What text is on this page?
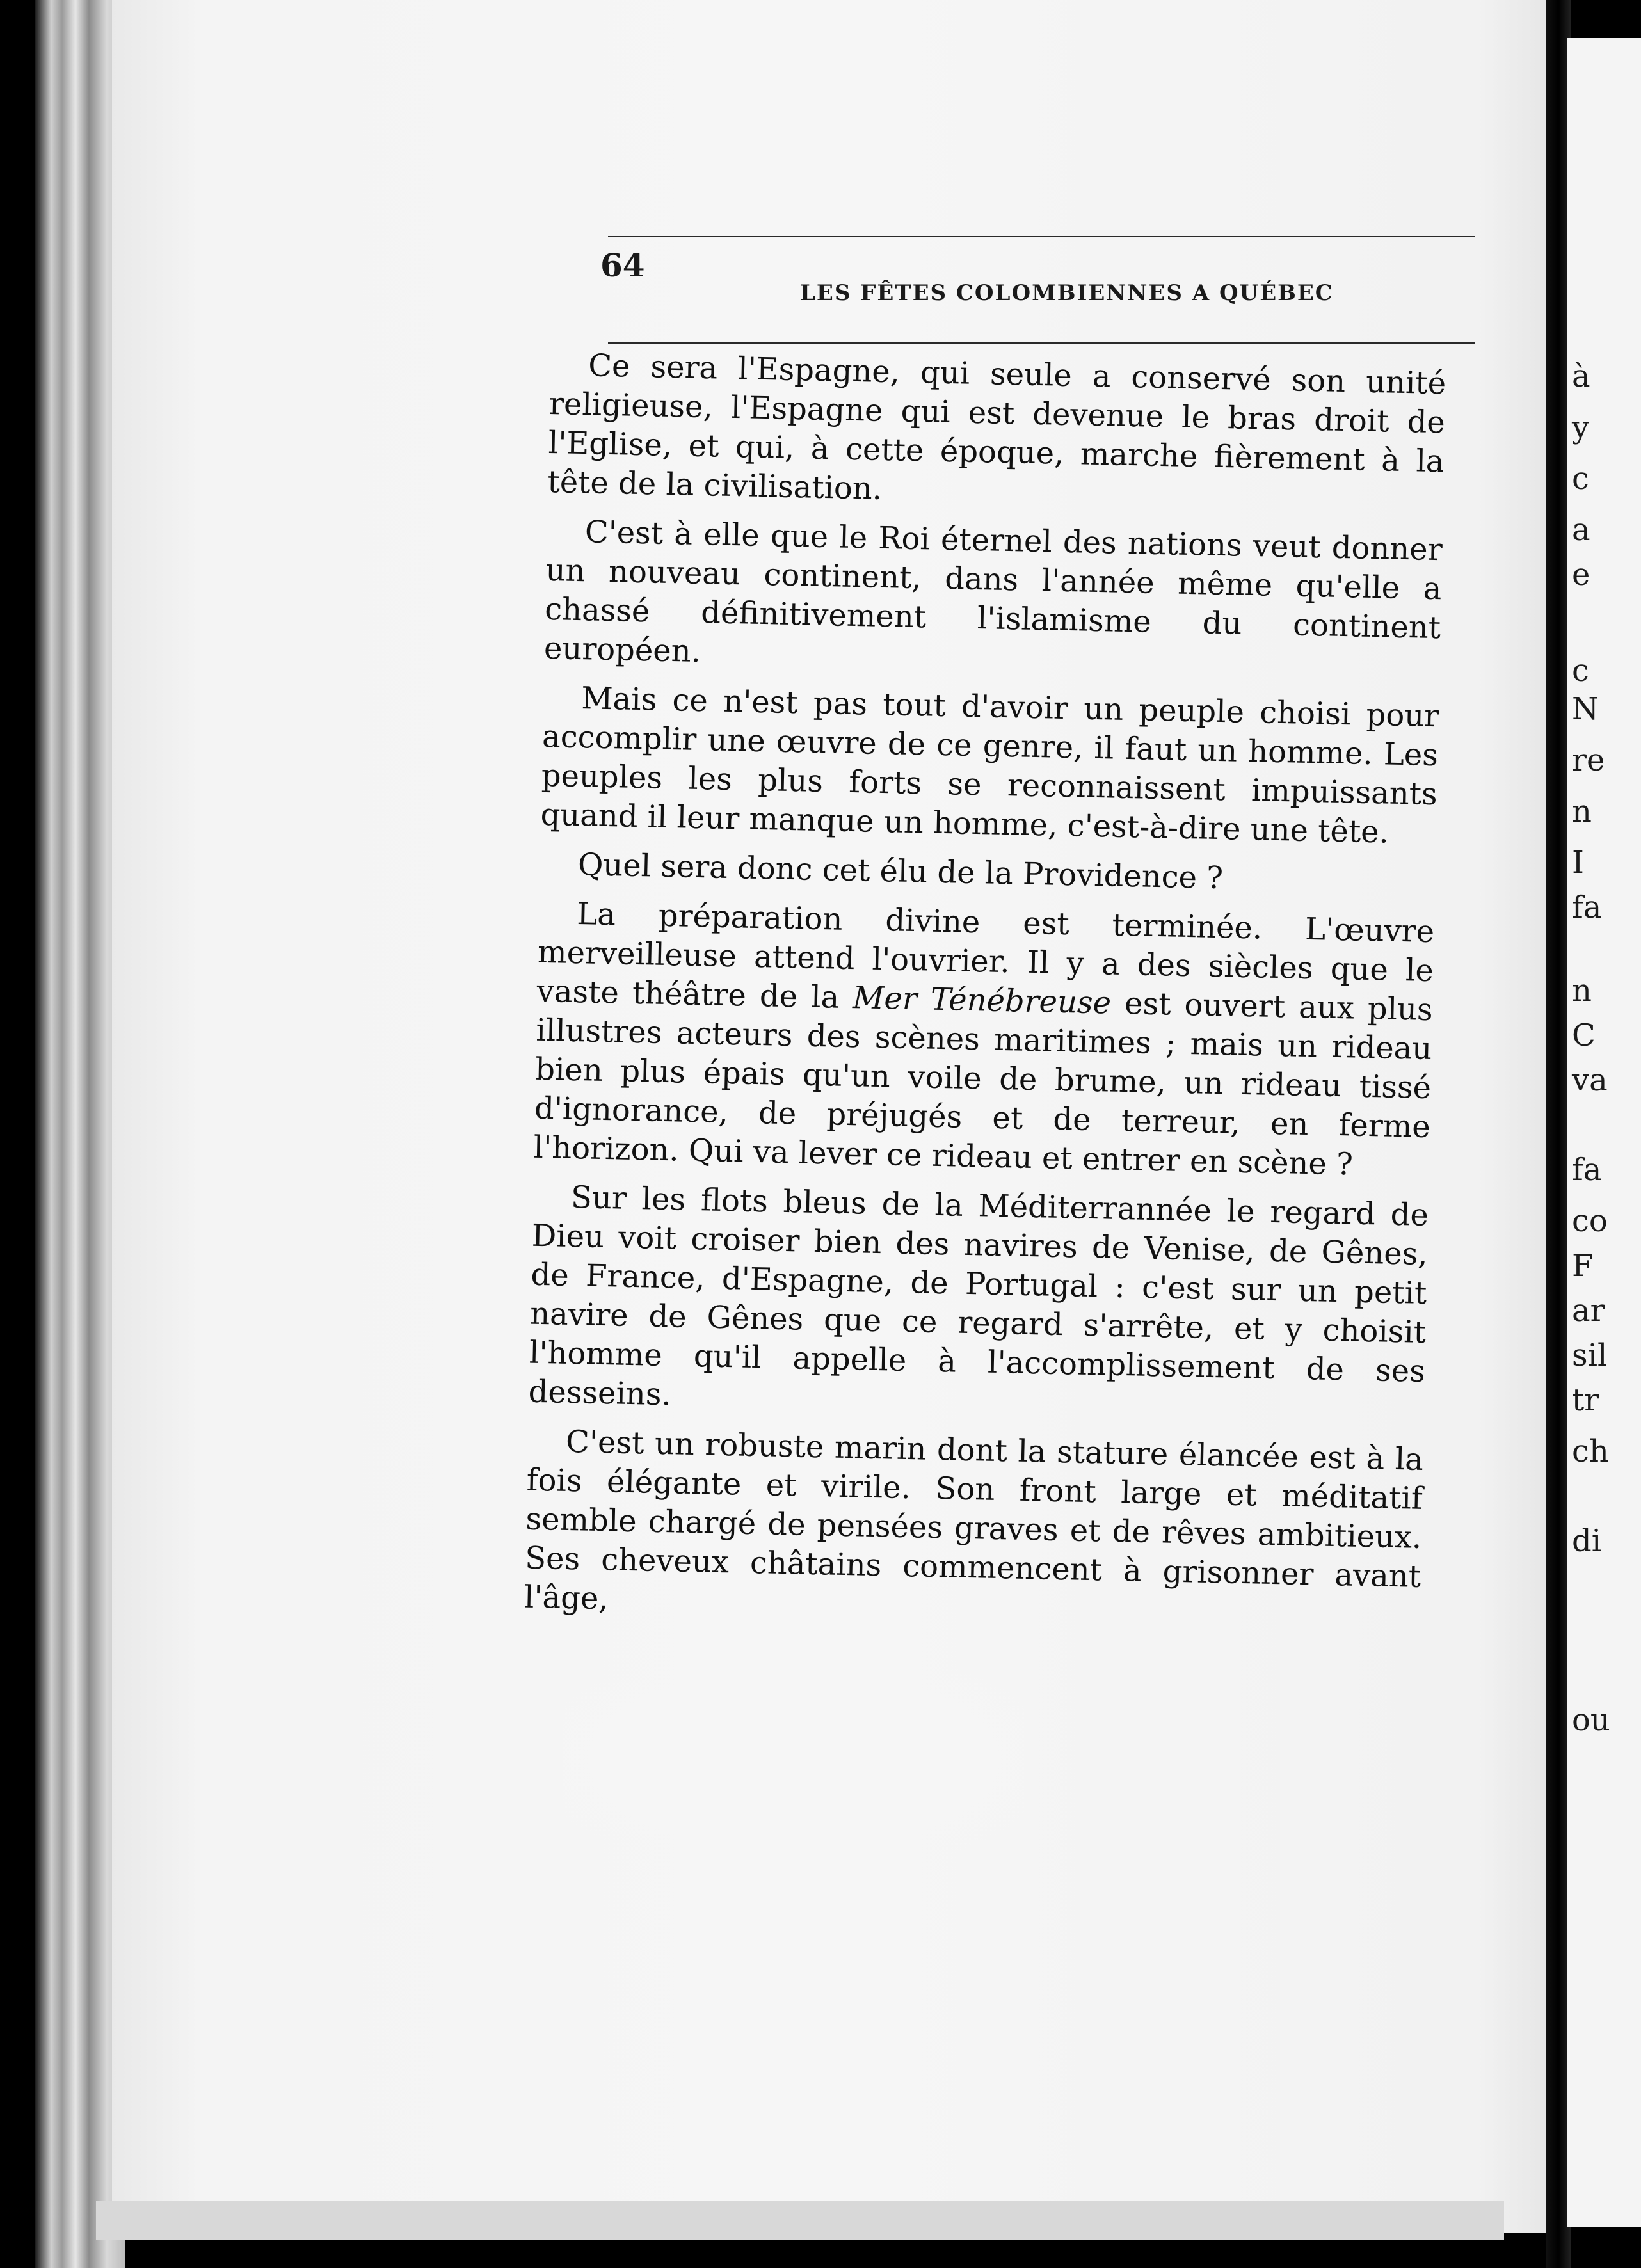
à
y
c
a
e
c
N
re
n
I
fa
n
C
va
fa
co
F
ar
sil
tr
ch
di
ou
64
LES FÊTES COLOMBIENNES A QUÉBEC

Ce sera l'Espagne, qui seule a conservé son unité religieuse, l'Espagne qui est devenue le bras droit de l'Eglise, et qui, à cette époque, marche fièrement à la tête de la civilisation.

C'est à elle que le Roi éternel des nations veut donner un nouveau continent, dans l'année même qu'elle a chassé définitivement l'islamisme du continent européen.

Mais ce n'est pas tout d'avoir un peuple choisi pour accomplir une œuvre de ce genre, il faut un homme. Les peuples les plus forts se reconnaissent impuissants quand il leur manque un homme, c'est-à-dire une tête.

Quel sera donc cet élu de la Providence ?

La préparation divine est terminée. L'œuvre merveilleuse attend l'ouvrier. Il y a des siècles que le vaste théâtre de la Mer Ténébreuse est ouvert aux plus illustres acteurs des scènes maritimes ; mais un rideau bien plus épais qu'un voile de brume, un rideau tissé d'ignorance, de préjugés et de terreur, en ferme l'horizon. Qui va lever ce rideau et entrer en scène ?

Sur les flots bleus de la Méditerrannée le regard de Dieu voit croiser bien des navires de Venise, de Gênes, de France, d'Espagne, de Portugal : c'est sur un petit navire de Gênes que ce regard s'arrête, et y choisit l'homme qu'il appelle à l'accomplissement de ses desseins.

C'est un robuste marin dont la stature élancée est à la fois élégante et virile. Son front large et méditatif semble chargé de pensées graves et de rêves ambitieux. Ses cheveux châtains commencent à grisonner avant l'âge,
